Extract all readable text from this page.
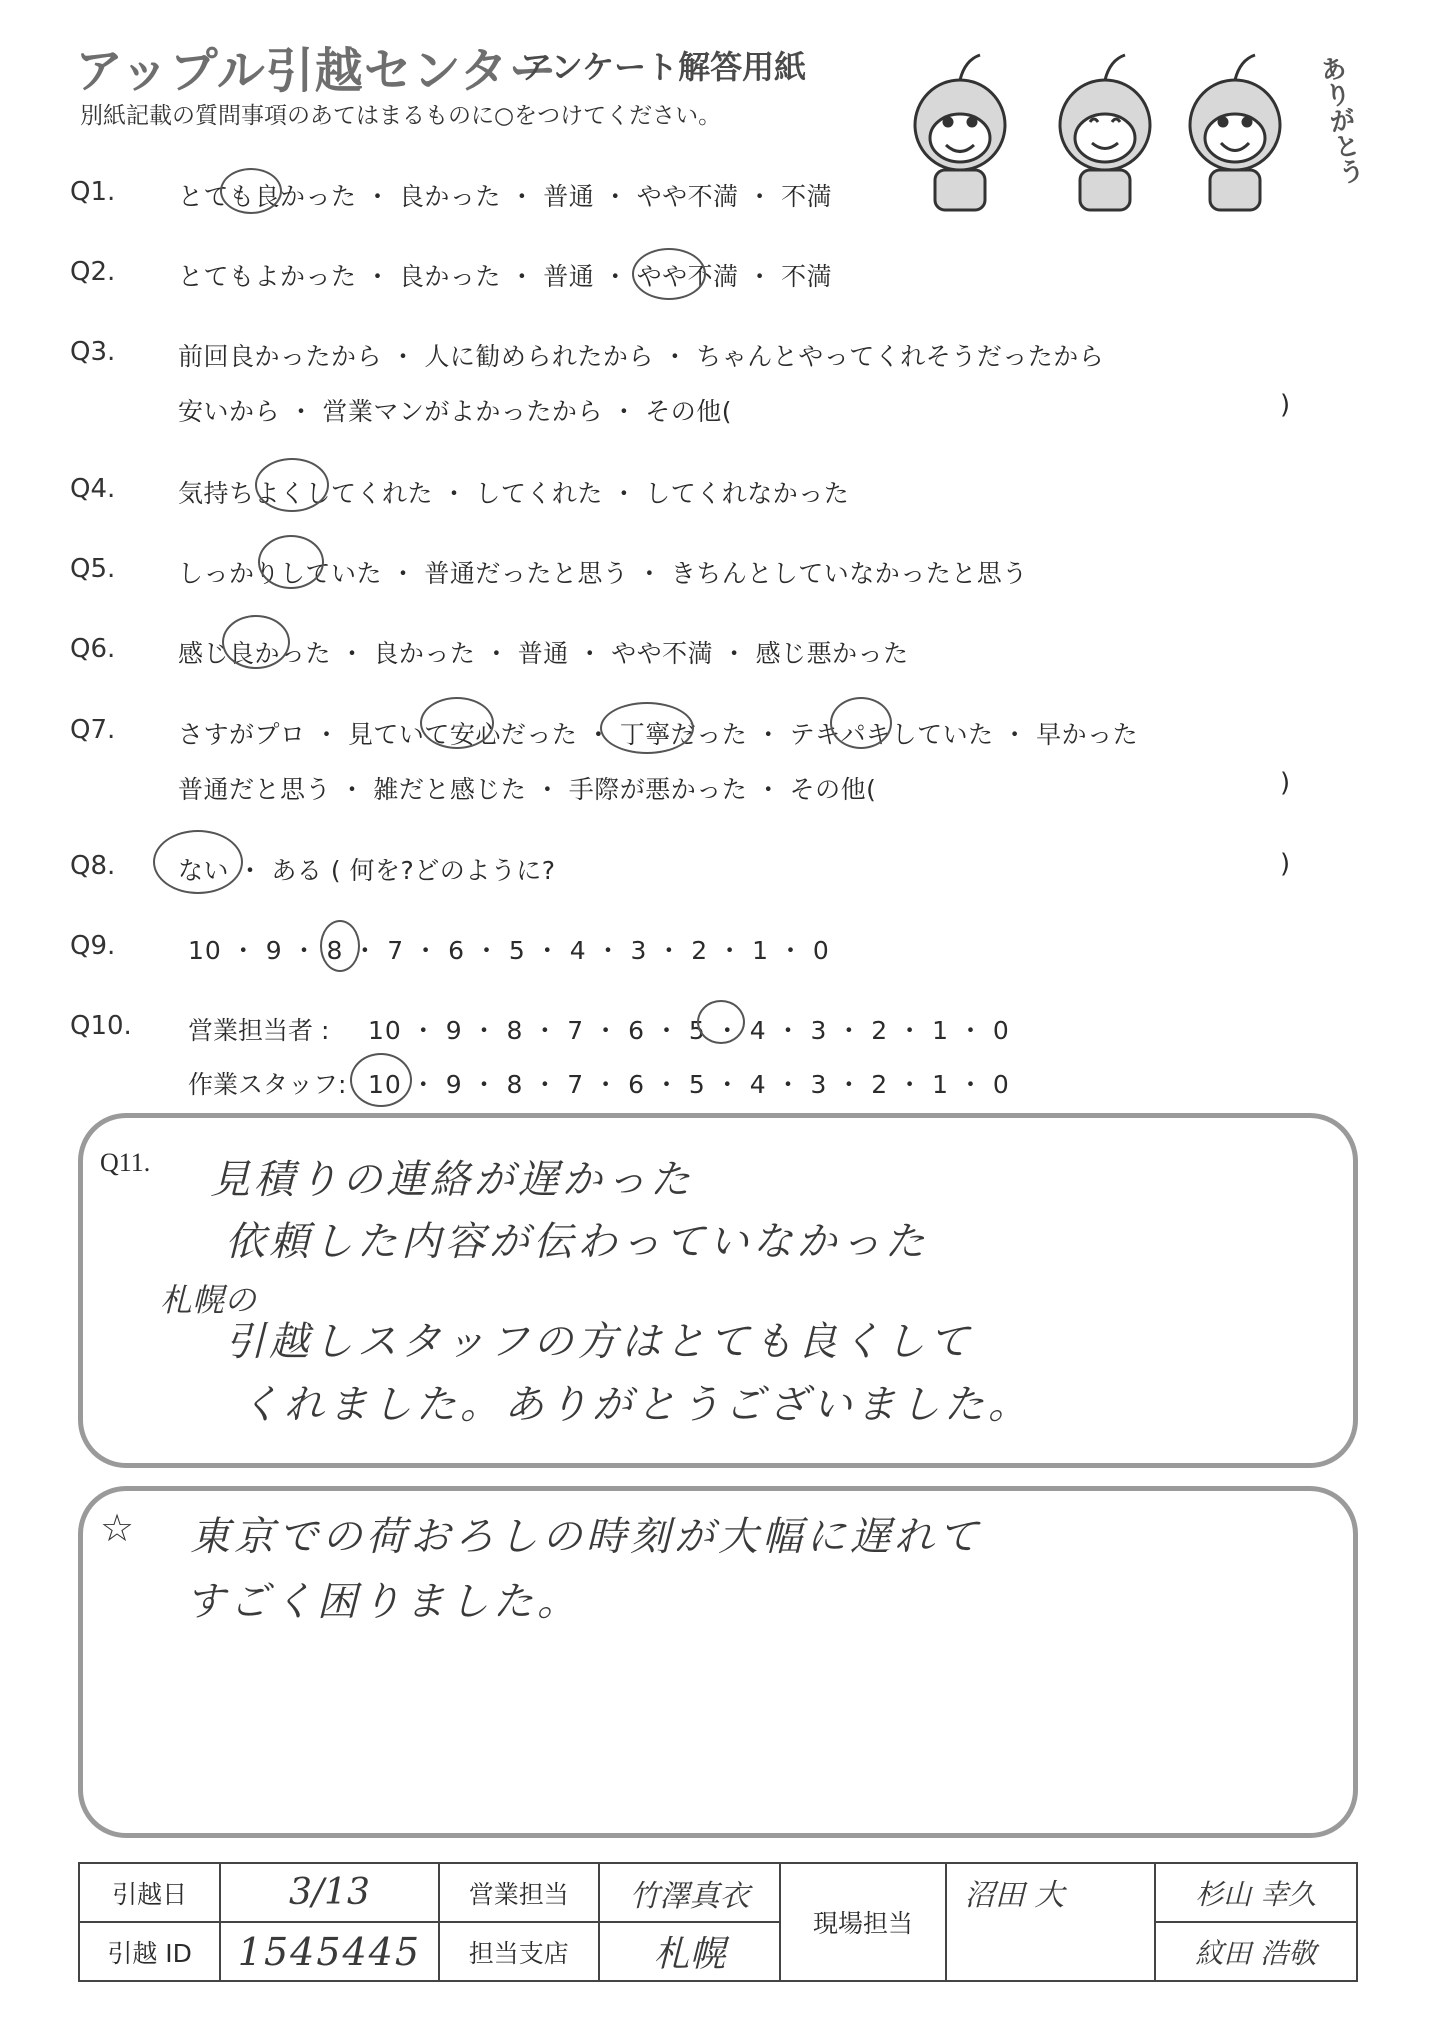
アップル引越センター
アンケート解答用紙
別紙記載の質問事項のあてはまるものに○をつけてください。	ありがとう
Q1.	とても良かった ・ 良かった ・ 普通 ・ やや不満 ・ 不満
Q2.	とてもよかった ・ 良かった ・ 普通 ・ やや不満 ・ 不満
Q3.	前回良かったから ・ 人に勧められたから ・ ちゃんとやってくれそうだったから
安いから ・ 営業マンがよかったから ・ その他(	)
Q4.	気持ちよくしてくれた ・ してくれた ・ してくれなかった
Q5.	しっかりしていた ・ 普通だったと思う ・ きちんとしていなかったと思う
Q6.	感じ良かった ・ 良かった ・ 普通 ・ やや不満 ・ 感じ悪かった
Q7.	さすがプロ ・ 見ていて安心だった ・ 丁寧だった ・ テキパキしていた ・ 早かった
普通だと思う ・ 雑だと感じた ・ 手際が悪かった ・ その他(	)
Q8.	ない ・ ある ( 何を?どのように?	)
Q9.	10 ・ 9 ・ 8 ・ 7 ・ 6 ・ 5 ・ 4 ・ 3 ・ 2 ・ 1 ・ 0
Q10. 営業担当者 : 10 ・ 9 ・ 8 ・ 7 ・ 6 ・ 5 ・ 4 ・ 3 ・ 2 ・ 1 ・ 0
作業スタッフ: 10 ・ 9 ・ 8 ・ 7 ・ 6 ・ 5 ・ 4 ・ 3 ・ 2 ・ 1 ・ 0
Q11. 見積りの連絡が遅かった
依頼した内容が伝わっていなかった
札幌の
引越しスタッフの方はとても良くして
くれました。ありがとうございました。
☆ 東京での荷おろしの時刻が大幅に遅れて
すごく困りました。
引越日	3/13	営業担当	竹澤真衣	現場担当	沼田 大	杉山 幸久
引越 ID	1545445	担当支店	札幌			紋田 浩敬
